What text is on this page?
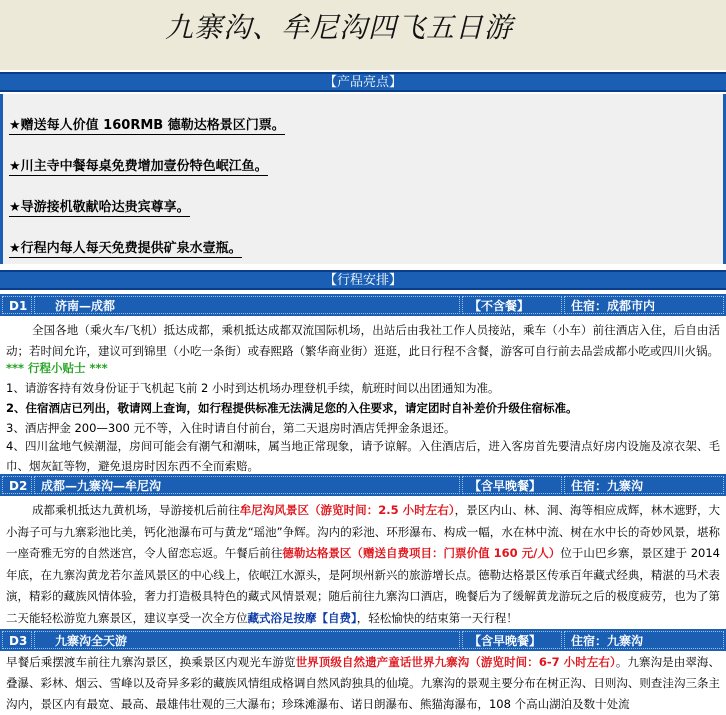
九寨沟、牟尼沟四飞五日游
【产品亮点】
★赠送每人价值 160RMB 德勒达格景区门票。
★川主寺中餐每桌免费增加壹份特色岷江鱼。
★导游接机敬献哈达贵宾尊享。
★行程内每人每天免费提供矿泉水壹瓶。
【行程安排】
D1	济南—成都	【不含餐】	住宿：成都市内
全国各地（乘火车/飞机）抵达成都，乘机抵达成都双流国际机场，出站后由我社工作人员接站，乘车（小车）前往酒店入住，后自由活动；若时间允许，建议可到锦里（小吃一条街）或春熙路（繁华商业街）逛逛，此日行程不含餐，游客可自行前去品尝成都小吃或四川火锅。
*** 行程小贴士 ***
1、请游客持有效身份证于飞机起飞前 2 小时到达机场办理登机手续，航班时间以出团通知为准。
2、住宿酒店已列出，敬请网上查询，如行程提供标准无法满足您的入住要求，请定团时自补差价升级住宿标准。
3、酒店押金 200—300 元不等，入住时请自付前台，第二天退房时酒店凭押金条退还。
4、四川盆地气候潮湿，房间可能会有潮气和潮味，属当地正常现象，请予谅解。入住酒店后，进入客房首先要清点好房内设施及凉衣架、毛巾、烟灰缸等物，避免退房时因东西不全而索赔。
D2	成都—九寨沟—牟尼沟	【含早晚餐】	住宿：九寨沟
成都乘机抵达九黄机场，导游接机后前往牟尼沟风景区（游览时间：2.5 小时左右），景区内山、林、洞、海等相应成辉，林木遮野，大小海子可与九寨彩池比美，钙化池瀑布可与黄龙“瑶池”争辉。沟内的彩池、环形瀑布、构成一幅，水在林中流、树在水中长的奇妙风景，堪称一座奇雅无穷的自然迷宫，令人留恋忘返。午餐后前往德勒达格景区（赠送自费项目：门票价值 160 元/人）位于山巴乡寨，景区建于 2014 年底，在九寨沟黄龙若尔盖风景区的中心线上，依岷江水源头，是阿坝州新兴的旅游增长点。德勒达格景区传承百年藏式经典，精湛的马术表演，精彩的藏族风情体验，奢力打造极具特色的藏式风情景观；随后前往九寨沟口酒店，晚餐后为了缓解黄龙游玩之后的极度疲劳，也为了第二天能轻松游览九寨景区，建议享受一次全方位藏式浴足按摩【自费】，轻松愉快的结束第一天行程！
D3	九寨沟全天游	【含早晚餐】	住宿：九寨沟
早餐后乘摆渡车前往九寨沟景区，换乘景区内观光车游览世界顶级自然遗产童话世界九寨沟（游览时间：6-7 小时左右）。九寨沟是由翠海、叠瀑、彩林、烟云、雪峰以及奇异多彩的藏族风情组成格调自然风韵独具的仙境。九寨沟的景观主要分布在树正沟、日则沟、则查洼沟三条主沟内，景区内有最宽、最高、最雄伟壮观的三大瀑布；珍珠滩瀑布、诺日朗瀑布、熊猫海瀑布，108 个高山湖泊及数十处流
